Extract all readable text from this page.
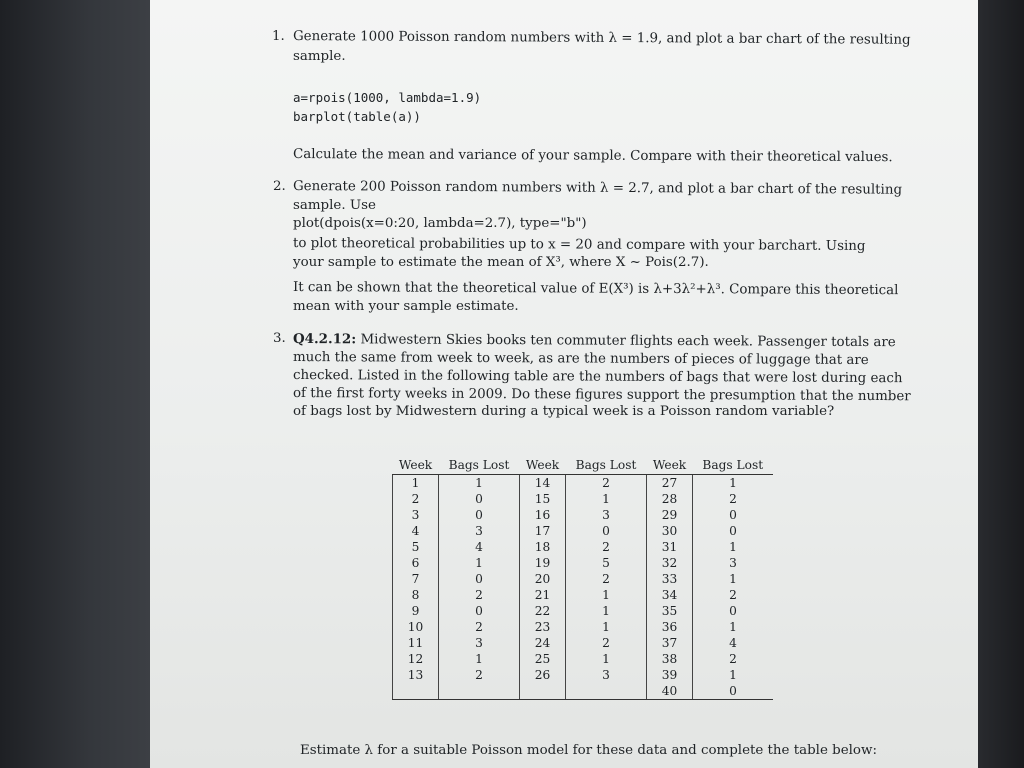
1. Generate 1000 Poisson random numbers with λ = 1.9, and plot a bar chart of the resulting
sample.
a=rpois(1000, lambda=1.9)
barplot(table(a))
Calculate the mean and variance of your sample. Compare with their theoretical values.
2. Generate 200 Poisson random numbers with λ = 2.7, and plot a bar chart of the resulting
sample. Use
plot(dpois(x=0:20, lambda=2.7), type="b")
to plot theoretical probabilities up to x = 20 and compare with your barchart. Using
your sample to estimate the mean of X³, where X ~ Pois(2.7).
It can be shown that the theoretical value of E(X³) is λ+3λ²+λ³. Compare this theoretical
mean with your sample estimate.
3. Q4.2.12: Midwestern Skies books ten commuter flights each week. Passenger totals are
much the same from week to week, as are the numbers of pieces of luggage that are
checked. Listed in the following table are the numbers of bags that were lost during each
of the first forty weeks in 2009. Do these figures support the presumption that the number
of bags lost by Midwestern during a typical week is a Poisson random variable?
Week	Bags Lost	Week	Bags Lost	Week	Bags Lost
1	1	14	2	27	1
2	0	15	1	28	2
3	0	16	3	29	0
4	3	17	0	30	0
5	4	18	2	31	1
6	1	19	5	32	3
7	0	20	2	33	1
8	2	21	1	34	2
9	0	22	1	35	0
10	2	23	1	36	1
11	3	24	2	37	4
12	1	25	1	38	2
13	2	26	3	39	1
				40	0
Estimate λ for a suitable Poisson model for these data and complete the table below:
